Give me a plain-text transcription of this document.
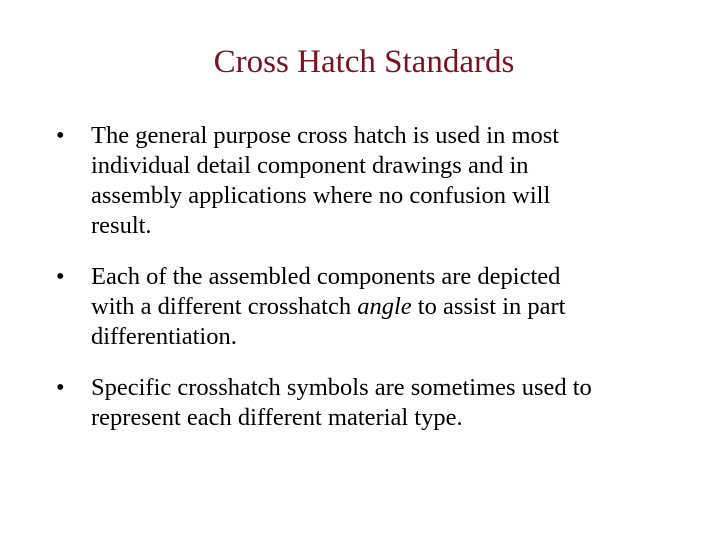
Cross Hatch Standards
• The general purpose cross hatch is used in most
individual detail component drawings and in
assembly applications where no confusion will
result.
• Each of the assembled components are depicted
with a different crosshatch angle to assist in part
differentiation.
• Specific crosshatch symbols are sometimes used to
represent each different material type.
